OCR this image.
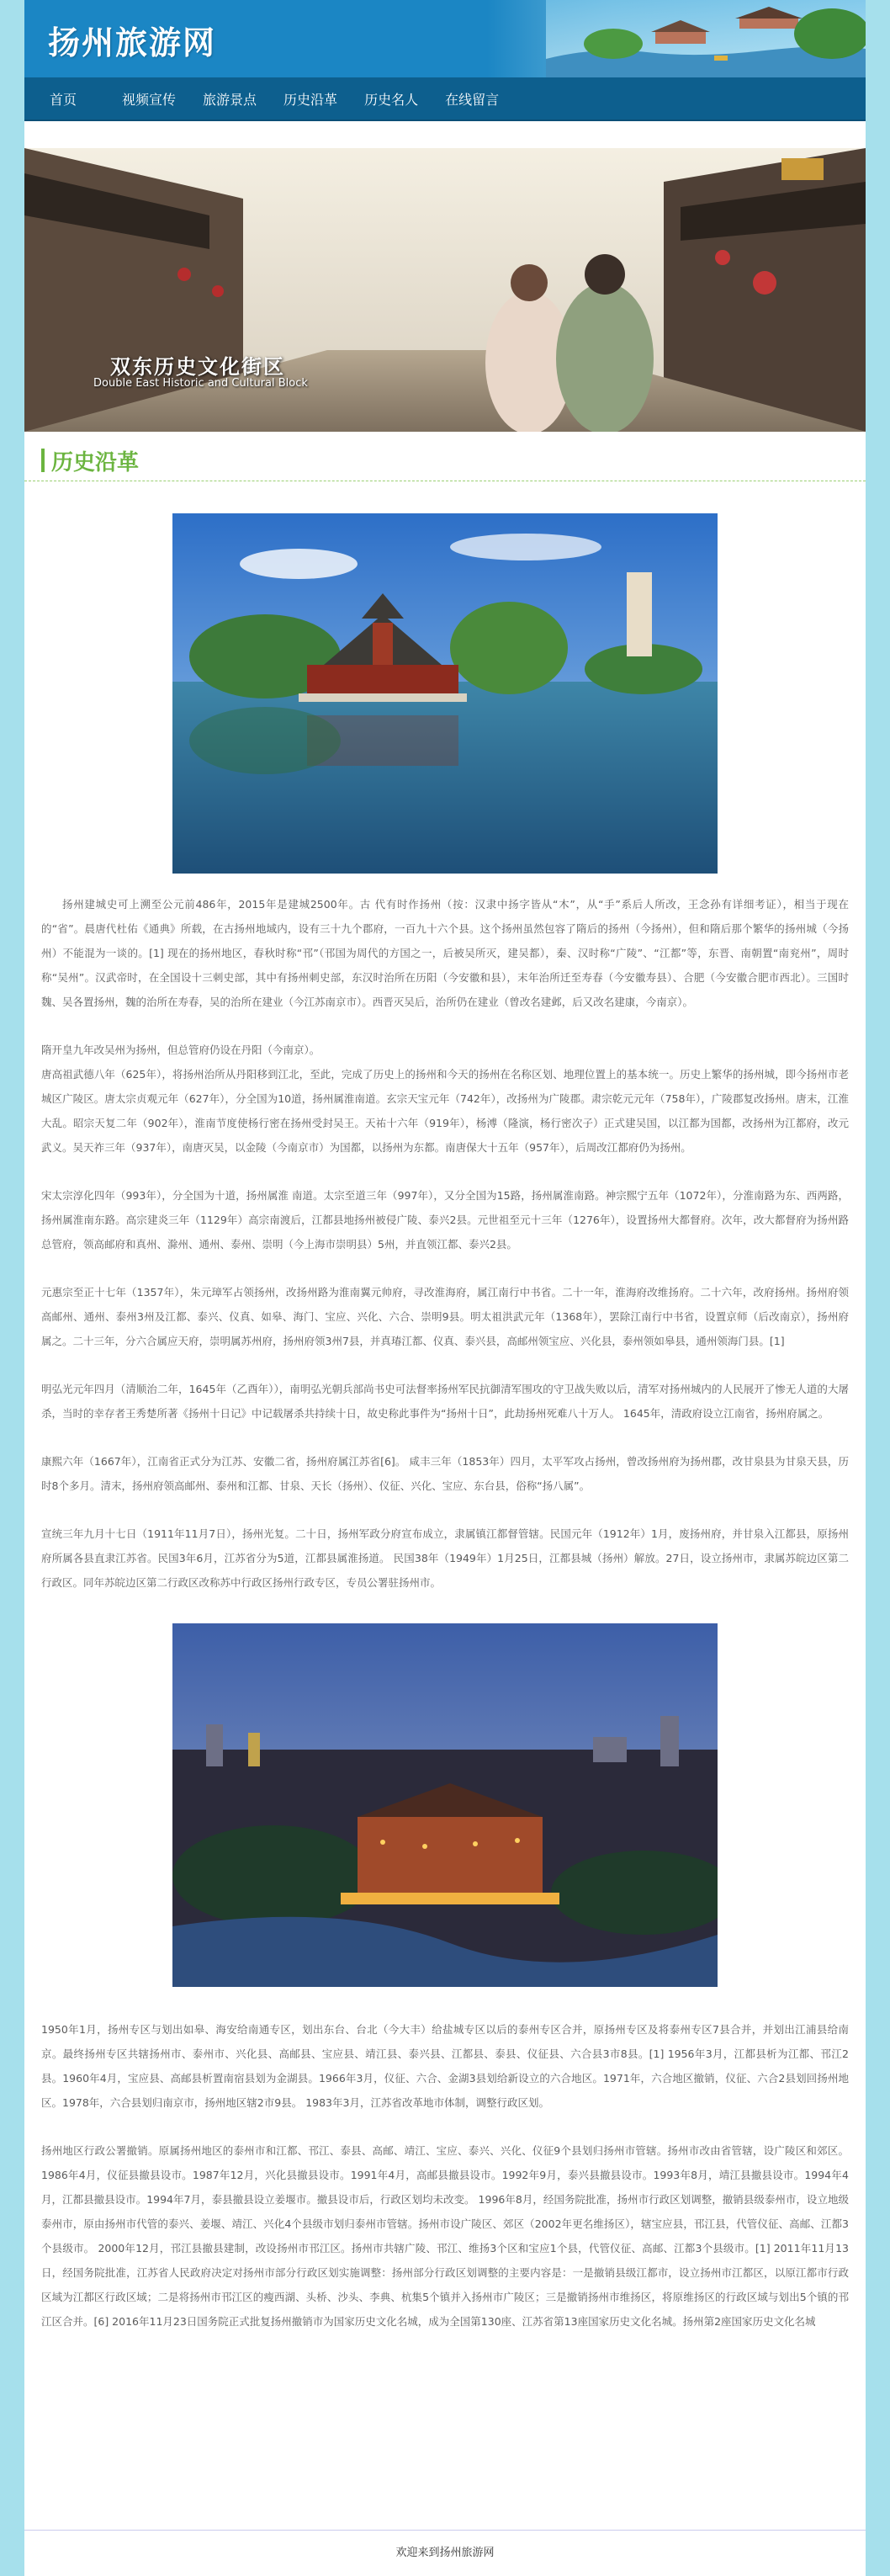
扬州旅游网
首页	视频宣传 旅游景点 历史沿革 历史名人 在线留言
双东历史文化街区
Double East Historic and Cultural Block
历史沿革

扬州建城史可上溯至公元前486年，2015年是建城2500年。古 代有时作扬州（按：汉隶中扬字皆从“木”，从“手”系后人所改，王念孙有详细考证），相当于现在的“省”。晨唐代杜佑《通典》所载，在古扬州地域内，设有三十九个郡府，一百九十六个县。这个扬州虽然包容了隋后的扬州（今扬州），但和隋后那个繁华的扬州城（今扬州）不能混为一谈的。[1] 现在的扬州地区，春秋时称“邗”（邗国为周代的方国之一，后被吴所灭，建吴都），秦、汉时称“广陵”、“江都”等，东晋、南朝置“南兖州”，周时称“吴州”。汉武帝时，在全国设十三刺史部，其中有扬州刺史部，东汉时治所在历阳（今安徽和县），末年治所迁至寿春（今安徽寿县）、合肥（今安徽合肥市西北）。三国时魏、吴各置扬州，魏的治所在寿春，吴的治所在建业（今江苏南京市）。西晋灭吴后，治所仍在建业（曾改名建邺，后又改名建康，今南京）。

隋开皇九年改吴州为扬州，但总管府仍设在丹阳（今南京）。

唐高祖武德八年（625年），将扬州治所从丹阳移到江北，至此，完成了历史上的扬州和今天的扬州在名称区划、地理位置上的基本统一。历史上繁华的扬州城，即今扬州市老城区广陵区。唐太宗贞观元年（627年），分全国为10道，扬州属淮南道。玄宗天宝元年（742年），改扬州为广陵郡。肃宗乾元元年（758年），广陵郡复改扬州。唐末，江淮大乱。昭宗天复二年（902年），淮南节度使杨行密在扬州受封吴王。天祐十六年（919年），杨溥（隆演，杨行密次子）正式建吴国，以江都为国都，改扬州为江都府，改元武义。吴天祚三年（937年），南唐灭吴，以金陵（今南京市）为国都，以扬州为东都。南唐保大十五年（957年），后周改江都府仍为扬州。

宋太宗淳化四年（993年），分全国为十道，扬州属淮 南道。太宗至道三年（997年），又分全国为15路，扬州属淮南路。神宗熙宁五年（1072年），分淮南路为东、西两路，扬州属淮南东路。高宗建炎三年（1129年）高宗南渡后，江都县地扬州被侵广陵、泰兴2县。元世祖至元十三年（1276年），设置扬州大都督府。次年，改大都督府为扬州路总管府，领高邮府和真州、滁州、通州、泰州、崇明（今上海市崇明县）5州，并直领江都、泰兴2县。

元惠宗至正十七年（1357年），朱元璋军占领扬州，改扬州路为淮南翼元帅府，寻改淮海府，属江南行中书省。二十一年，淮海府改维扬府。二十六年，改府扬州。扬州府领高邮州、通州、泰州3州及江都、泰兴、仪真、如皋、海门、宝应、兴化、六合、崇明9县。明太祖洪武元年（1368年），罢除江南行中书省，设置京师（后改南京），扬州府属之。二十三年，分六合属应天府，崇明属苏州府，扬州府领3州7县，并真瑃江都、仪真、泰兴县，高邮州领宝应、兴化县，泰州领如皋县，通州领海门县。[1]

明弘光元年四月（清顺治二年，1645年（乙酉年）），南明弘光朝兵部尚书史可法督率扬州军民抗御清军围攻的守卫战失败以后，清军对扬州城内的人民展开了惨无人道的大屠杀，当时的幸存者王秀楚所著《扬州十日记》中记载屠杀共持续十日，故史称此事件为“扬州十日”，此劫扬州死难八十万人。 1645年，清政府设立江南省，扬州府属之。

康熙六年（1667年），江南省正式分为江苏、安徽二省，扬州府属江苏省[6]。 咸丰三年（1853年）四月，太平军攻占扬州，曾改扬州府为扬州郡，改甘泉县为甘泉天县，历时8个多月。清末，扬州府领高邮州、泰州和江都、甘泉、天长（扬州）、仪征、兴化、宝应、东台县，俗称“扬八属”。

宣统三年九月十七日（1911年11月7日），扬州光复。二十日，扬州军政分府宣布成立，隶属镇江都督管辖。民国元年（1912年）1月，废扬州府，并甘泉入江都县，原扬州府所属各县直隶江苏省。民国3年6月，江苏省分为5道，江都县属淮扬道。 民国38年（1949年）1月25日，江都县城（扬州）解放。27日，设立扬州市，隶属苏皖边区第二行政区。同年苏皖边区第二行政区改称苏中行政区扬州行政专区，专员公署驻扬州市。

1950年1月，扬州专区与划出如皋、海安给南通专区，划出东台、台北（今大丰）给盐城专区以后的泰州专区合并，原扬州专区及将泰州专区7县合并，并划出江浦县给南京。最终扬州专区共辖扬州市、泰州市、兴化县、高邮县、宝应县、靖江县、泰兴县、江都县、泰县、仪征县、六合县3市8县。[1] 1956年3月，江都县析为江都、邗江2县。1960年4月，宝应县、高邮县析置南宿县划为金湖县。1966年3月，仪征、六合、金湖3县划给新设立的六合地区。1971年，六合地区撤销，仪征、六合2县划回扬州地区。1978年，六合县划归南京市，扬州地区辖2市9县。 1983年3月，江苏省改革地市体制，调整行政区划。

扬州地区行政公署撤销。原属扬州地区的泰州市和江都、邗江、泰县、高邮、靖江、宝应、泰兴、兴化、仪征9个县划归扬州市管辖。扬州市改由省管辖，设广陵区和郊区。1986年4月，仪征县撤县设市。1987年12月，兴化县撤县设市。1991年4月，高邮县撤县设市。1992年9月，泰兴县撤县设市。1993年8月，靖江县撤县设市。1994年4月，江都县撤县设市。1994年7月，泰县撤县设立姜堰市。撤县设市后，行政区划均未改变。 1996年8月，经国务院批准，扬州市行政区划调整，撤销县级泰州市，设立地级泰州市，原由扬州市代管的泰兴、姜堰、靖江、兴化4个县级市划归泰州市管辖。扬州市设广陵区、郊区（2002年更名维扬区），辖宝应县，邗江县，代管仪征、高邮、江都3个县级市。 2000年12月，邗江县撤县建制，改设扬州市邗江区。扬州市共辖广陵、邗江、维扬3个区和宝应1个县，代管仪征、高邮、江都3个县级市。[1] 2011年11月13日，经国务院批准，江苏省人民政府决定对扬州市部分行政区划实施调整：扬州部分行政区划调整的主要内容是：一是撤销县级江都市，设立扬州市江都区，以原江都市行政区域为江都区行政区域；二是将扬州市邗江区的瘦西湖、头桥、沙头、李典、杭集5个镇并入扬州市广陵区；三是撤销扬州市维扬区，将原维扬区的行政区域与划出5个镇的邗江区合并。[6] 2016年11月23日国务院正式批复扬州撤销市为国家历史文化名城，成为全国第130座、江苏省第13座国家历史文化名城。扬州第2座国家历史文化名城

欢迎来到扬州旅游网
